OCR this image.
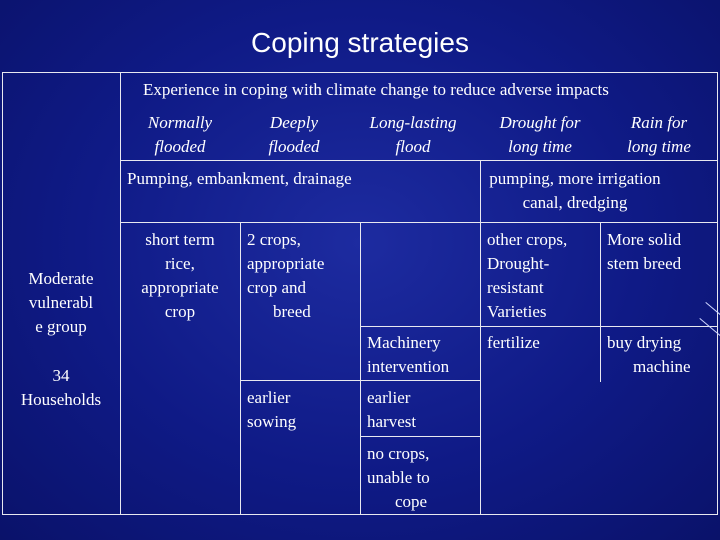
Coping strategies
Experience in coping with climate change to reduce adverse impacts
Normally
flooded
Deeply
flooded
Long-lasting
flood
Drought for
long time
Rain for
long time
Pumping, embankment, drainage	pumping, more irrigation
canal, dredging
Moderate
vulnerabl
e group
34
Households
short term
rice,
appropriate
crop
2 crops,
appropriate
crop and
breed
earlier
sowing
Machinery
intervention
earlier
harvest
no crops,
unable to
cope
other crops,
Drought-
resistant
Varieties
fertilize
More solid
stem breed
buy drying
machine
